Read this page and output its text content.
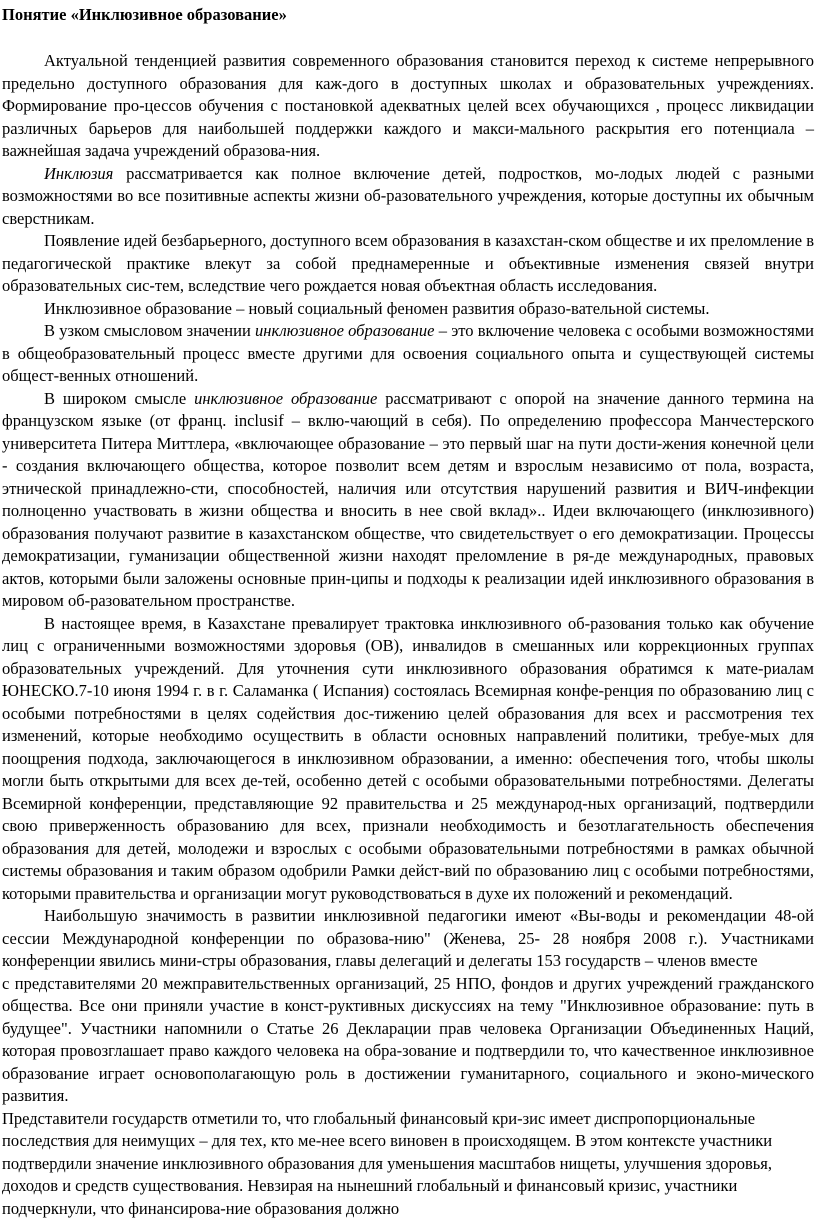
Понятие «Инклюзивное образование»

Актуальной тенденцией развития современного образования становится переход к системе непрерывного предельно доступного образования для каж-дого в доступных школах и образовательных учреждениях. Формирование про-цессов обучения с постановкой адекватных целей всех обучающихся , процесс ликвидации различных барьеров для наибольшей поддержки каждого и макси-мального раскрытия его потенциала – важнейшая задача учреждений образова-ния.

Инклюзия рассматривается как полное включение детей, подростков, мо-лодых людей с разными возможностями во все позитивные аспекты жизни об-разовательного учреждения, которые доступны их обычным сверстникам.

Появление идей безбарьерного, доступного всем образования в казахстан-ском обществе и их преломление в педагогической практике влекут за собой преднамеренные и объективные изменения связей внутри образовательных сис-тем, вследствие чего рождается новая объектная область исследования.

Инклюзивное образование – новый социальный феномен развития образо-вательной системы.

В узком смысловом значении инклюзивное образование – это включение человека с особыми возможностями в общеобразовательный процесс вместе другими для освоения социального опыта и существующей системы общест-венных отношений.

В широком смысле инклюзивное образование рассматривают с опорой на значение данного термина на французском языке (от франц. inclusif – вклю-чающий в себя). По определению профессора Манчестерского университета Питера Миттлера, «включающее образование – это первый шаг на пути дости-жения конечной цели - создания включающего общества, которое позволит всем детям и взрослым независимо от пола, возраста, этнической принадлежно-сти, способностей, наличия или отсутствия нарушений развития и ВИЧ-инфекции полноценно участвовать в жизни общества и вносить в нее свой вклад».. Идеи включающего (инклюзивного) образования получают развитие в казахстанском обществе, что свидетельствует о его демократизации. Процессы демократизации, гуманизации общественной жизни находят преломление в ря-де международных, правовых актов, которыми были заложены основные прин-ципы и подходы к реализации идей инклюзивного образования в мировом об-разовательном пространстве.

В настоящее время, в Казахстане превалирует трактовка инклюзивного об-разования только как обучение лиц с ограниченными возможностями здоровья (ОВ), инвалидов в смешанных или коррекционных группах образовательных учреждений. Для уточнения сути инклюзивного образования обратимся к мате-риалам ЮНЕСКО.7-10 июня 1994 г. в г. Саламанка ( Испания) состоялась Всемирная конфе-ренция по образованию лиц с особыми потребностями в целях содействия дос-тижению целей образования для всех и рассмотрения тех изменений, которые необходимо осуществить в области основных направлений политики, требуе-мых для поощрения подхода, заключающегося в инклюзивном образовании, а именно: обеспечения того, чтобы школы могли быть открытыми для всех де-тей, особенно детей с особыми образовательными потребностями. Делегаты Всемирной конференции, представляющие 92 правительства и 25 международ-ных организаций, подтвердили свою приверженность образованию для всех, признали необходимость и безотлагательность обеспечения образования для детей, молодежи и взрослых с особыми образовательными потребностями в рамках обычной системы образования и таким образом одобрили Рамки дейст-вий по образованию лиц с особыми потребностями, которыми правительства и организации могут руководствоваться в духе их положений и рекомендаций.

Наибольшую значимость в развитии инклюзивной педагогики имеют «Вы-воды и рекомендации 48-ой сессии Международной конференции по образова-нию" (Женева, 25- 28 ноября 2008 г.). Участниками конференции явились мини-стры образования, главы делегаций и делегаты 153 государств – членов вместе

с представителями 20 межправительственных организаций, 25 НПО, фондов и других учреждений гражданского общества. Все они приняли участие в конст-руктивных дискуссиях на тему "Инклюзивное образование: путь в будущее". Участники напомнили о Статье 26 Декларации прав человека Организации Объединенных Наций, которая провозглашает право каждого человека на обра-зование и подтвердили то, что качественное инклюзивное образование играет основополагающую роль в достижении гуманитарного, социального и эконо-мического развития.

Представители государств отметили то, что глобальный финансовый кри-зис имеет диспропорциональные последствия для неимущих – для тех, кто ме-нее всего виновен в происходящем. В этом контексте участники подтвердили значение инклюзивного образования для уменьшения масштабов нищеты, улучшения здоровья, доходов и средств существования. Невзирая на нынешний глобальный и финансовый кризис, участники подчеркнули, что финансирова-ние образования должно
